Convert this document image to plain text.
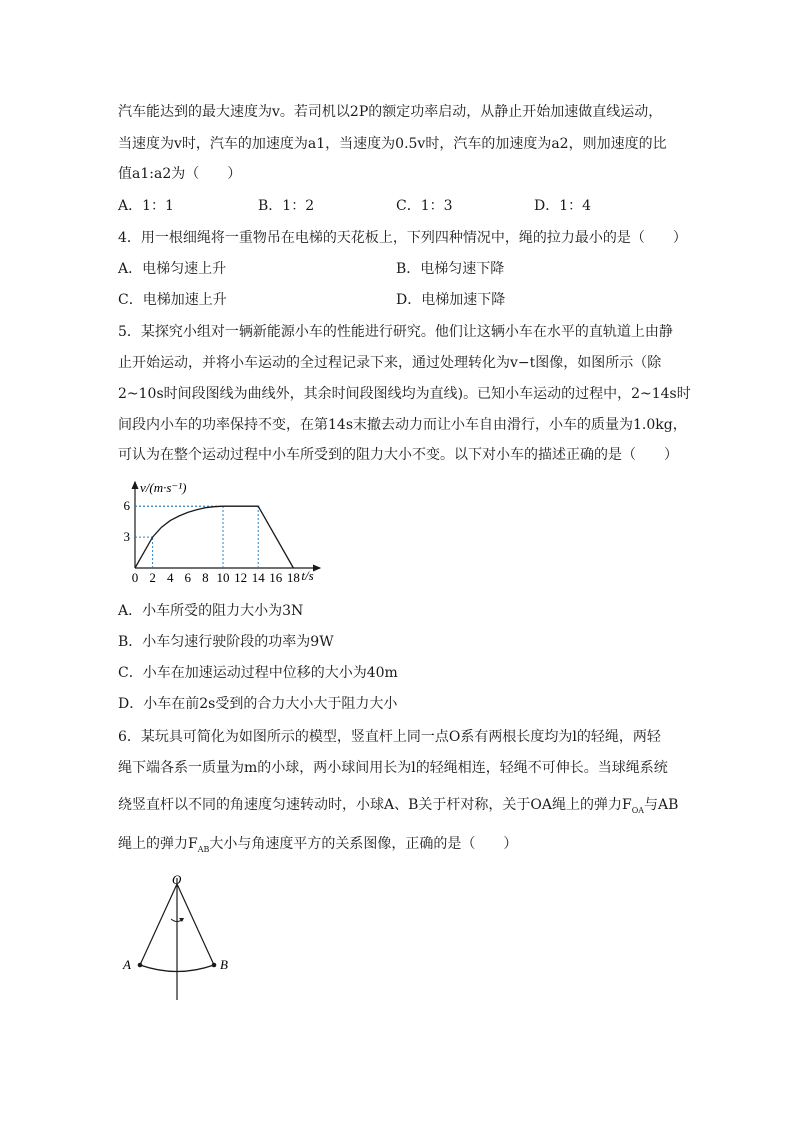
汽车能达到的最大速度为v。若司机以2P的额定功率启动，从静止开始加速做直线运动，
当速度为v时，汽车的加速度为a1，当速度为0.5v时，汽车的加速度为a2，则加速度的比
值a1:a2为（　　）
A．1：1	B．1：2	C．1：3	D．1：4
4．用一根细绳将一重物吊在电梯的天花板上，下列四种情况中，绳的拉力最小的是（　　）
A．电梯匀速上升	B．电梯匀速下降
C．电梯加速上升	D．电梯加速下降
5．某探究小组对一辆新能源小车的性能进行研究。他们让这辆小车在水平的直轨道上由静
止开始运动，并将小车运动的全过程记录下来，通过处理转化为v−t图像，如图所示（除
2~10s时间段图线为曲线外，其余时间段图线均为直线)。已知小车运动的过程中，2~14s时
间段内小车的功率保持不变，在第14s末撤去动力而让小车自由滑行，小车的质量为1.0kg，
可认为在整个运动过程中小车所受到的阻力大小不变。以下对小车的描述正确的是（　　）
0 2 4 6 8 10 12 14 16 18
3
6
v/(m·s⁻¹)
t/s
A．小车所受的阻力大小为3N
B．小车匀速行驶阶段的功率为9W
C．小车在加速运动过程中位移的大小为40m
D．小车在前2s受到的合力大小大于阻力大小
6．某玩具可简化为如图所示的模型，竖直杆上同一点O系有两根长度均为l的轻绳，两轻
绳下端各系一质量为m的小球，两小球间用长为l的轻绳相连，轻绳不可伸长。当球绳系统
绕竖直杆以不同的角速度匀速转动时，小球A、B关于杆对称，关于OA绳上的弹力$F_{OA}$与AB
绳上的弹力$F_{AB}$大小与角速度平方的关系图像，正确的是（　　）
O
A	B
